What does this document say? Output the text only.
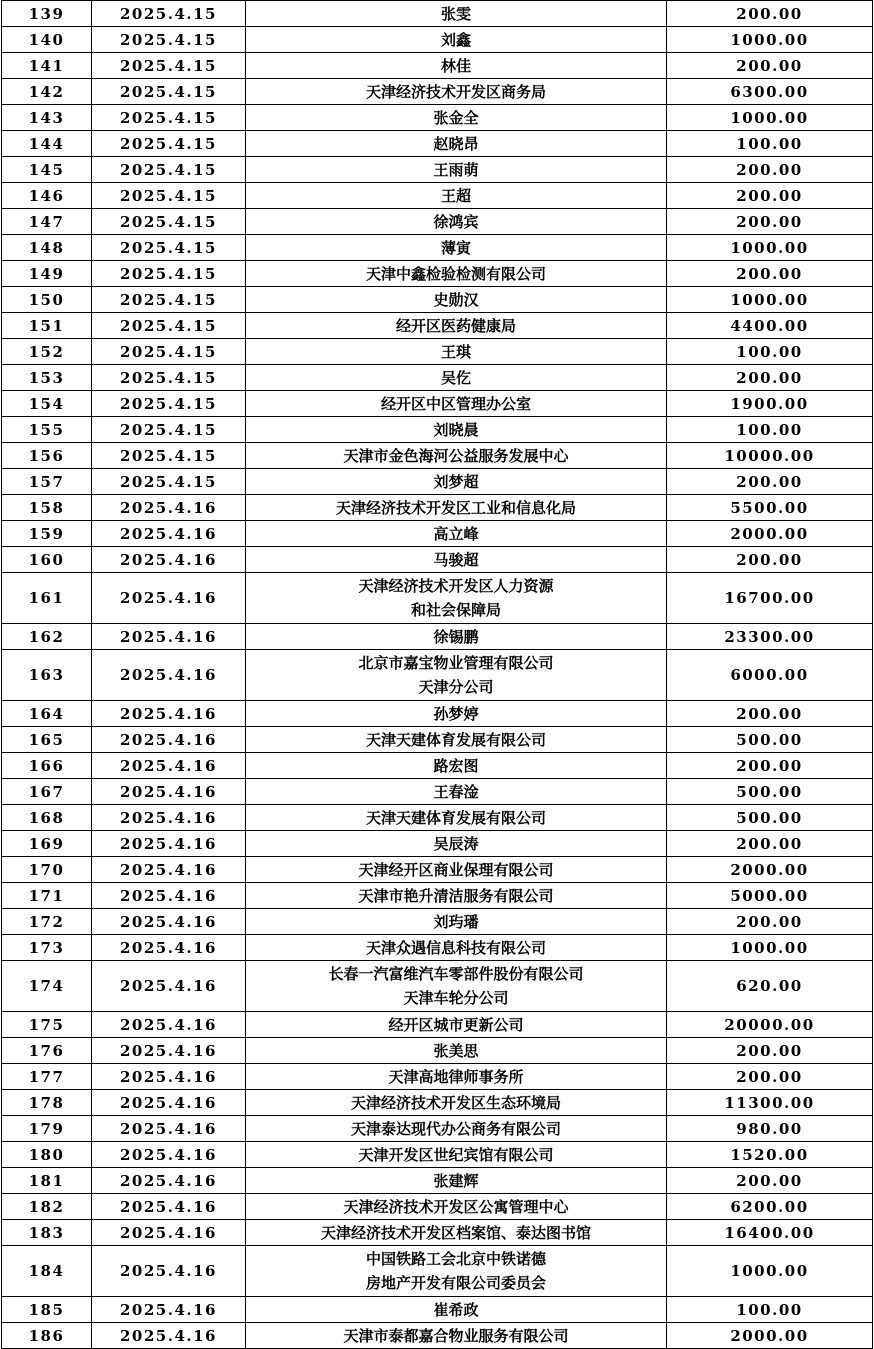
139	2025.4.15	张雯	200.00
140	2025.4.15	刘鑫	1000.00
141	2025.4.15	林佳	200.00
142	2025.4.15	天津经济技术开发区商务局	6300.00
143	2025.4.15	张金全	1000.00
144	2025.4.15	赵晓昂	100.00
145	2025.4.15	王雨萌	200.00
146	2025.4.15	王超	200.00
147	2025.4.15	徐鸿宾	200.00
148	2025.4.15	薄寅	1000.00
149	2025.4.15	天津中鑫检验检测有限公司	200.00
150	2025.4.15	史勋汉	1000.00
151	2025.4.15	经开区医药健康局	4400.00
152	2025.4.15	王琪	100.00
153	2025.4.15	吴仡	200.00
154	2025.4.15	经开区中区管理办公室	1900.00
155	2025.4.15	刘晓晨	100.00
156	2025.4.15	天津市金色海河公益服务发展中心	10000.00
157	2025.4.15	刘梦超	200.00
158	2025.4.16	天津经济技术开发区工业和信息化局	5500.00
159	2025.4.16	高立峰	2000.00
160	2025.4.16	马骏超	200.00
161	2025.4.16	天津经济技术开发区人力资源
和社会保障局	16700.00
162	2025.4.16	徐锡鹏	23300.00
163	2025.4.16	北京市嘉宝物业管理有限公司
天津分公司	6000.00
164	2025.4.16	孙梦婷	200.00
165	2025.4.16	天津天建体育发展有限公司	500.00
166	2025.4.16	路宏图	200.00
167	2025.4.16	王春淦	500.00
168	2025.4.16	天津天建体育发展有限公司	500.00
169	2025.4.16	吴辰涛	200.00
170	2025.4.16	天津经开区商业保理有限公司	2000.00
171	2025.4.16	天津市艳升清洁服务有限公司	5000.00
172	2025.4.16	刘玙璠	200.00
173	2025.4.16	天津众遇信息科技有限公司	1000.00
174	2025.4.16	长春一汽富维汽车零部件股份有限公司
天津车轮分公司	620.00
175	2025.4.16	经开区城市更新公司	20000.00
176	2025.4.16	张美思	200.00
177	2025.4.16	天津高地律师事务所	200.00
178	2025.4.16	天津经济技术开发区生态环境局	11300.00
179	2025.4.16	天津泰达现代办公商务有限公司	980.00
180	2025.4.16	天津开发区世纪宾馆有限公司	1520.00
181	2025.4.16	张建辉	200.00
182	2025.4.16	天津经济技术开发区公寓管理中心	6200.00
183	2025.4.16	天津经济技术开发区档案馆、泰达图书馆	16400.00
184	2025.4.16	中国铁路工会北京中铁诺德
房地产开发有限公司委员会	1000.00
185	2025.4.16	崔希政	100.00
186	2025.4.16	天津市泰都嘉合物业服务有限公司	2000.00
